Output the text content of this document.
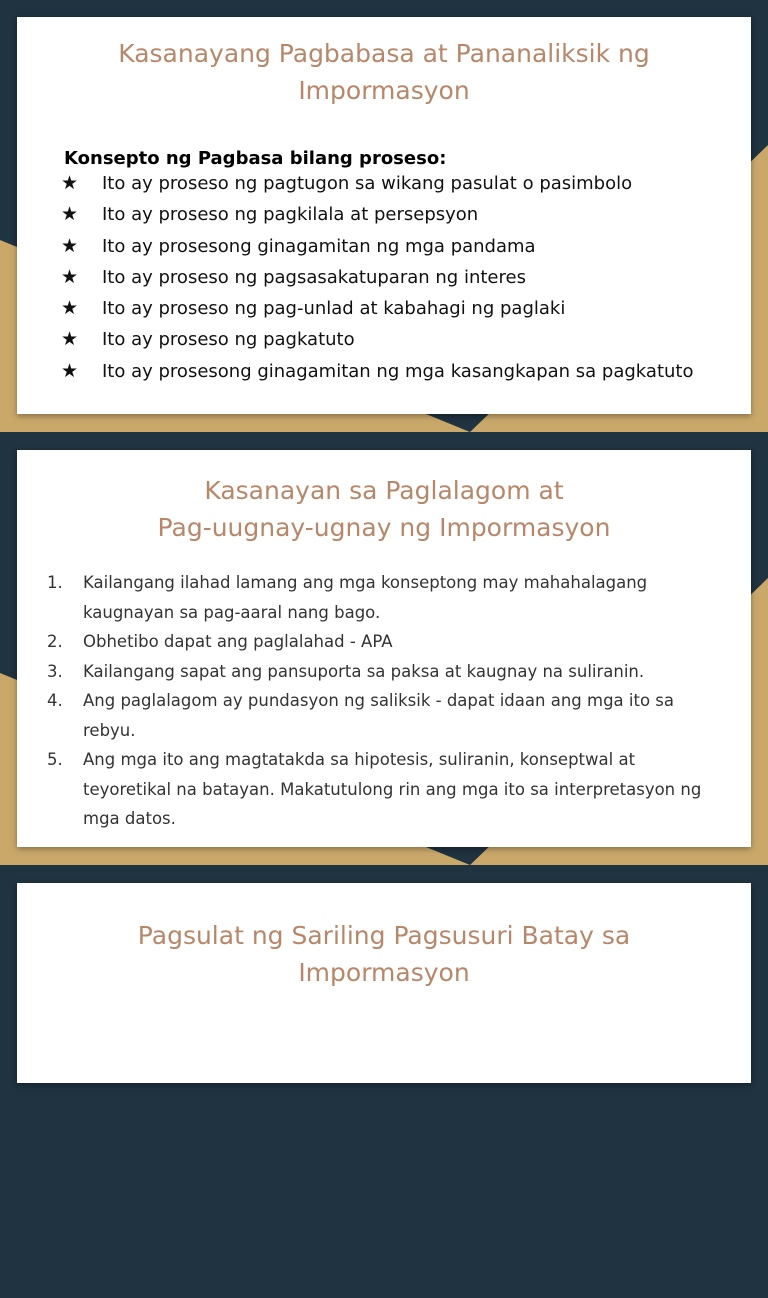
Kasanayang Pagbabasa at Pananaliksik ng Impormasyon
Konsepto ng Pagbasa bilang proseso:
★ Ito ay proseso ng pagtugon sa wikang pasulat o pasimbolo
★ Ito ay proseso ng pagkilala at persepsyon
★ Ito ay prosesong ginagamitan ng mga pandama
★ Ito ay proseso ng pagsasakatuparan ng interes
★ Ito ay proseso ng pag-unlad at kabahagi ng paglaki
★ Ito ay proseso ng pagkatuto
★ Ito ay prosesong ginagamitan ng mga kasangkapan sa pagkatuto
Kasanayan sa Paglalagom at
Pag-uugnay-ugnay ng Impormasyon
1. Kailangang ilahad lamang ang mga konseptong may mahahalagang kaugnayan sa pag-aaral nang bago.
2. Obhetibo dapat ang paglalahad - APA
3. Kailangang sapat ang pansuporta sa paksa at kaugnay na suliranin.
4. Ang paglalagom ay pundasyon ng saliksik - dapat idaan ang mga ito sa rebyu.
5. Ang mga ito ang magtatakda sa hipotesis, suliranin, konseptwal at teyoretikal na batayan. Makatutulong rin ang mga ito sa interpretasyon ng mga datos.
Pagsulat ng Sariling Pagsusuri Batay sa Impormasyon
